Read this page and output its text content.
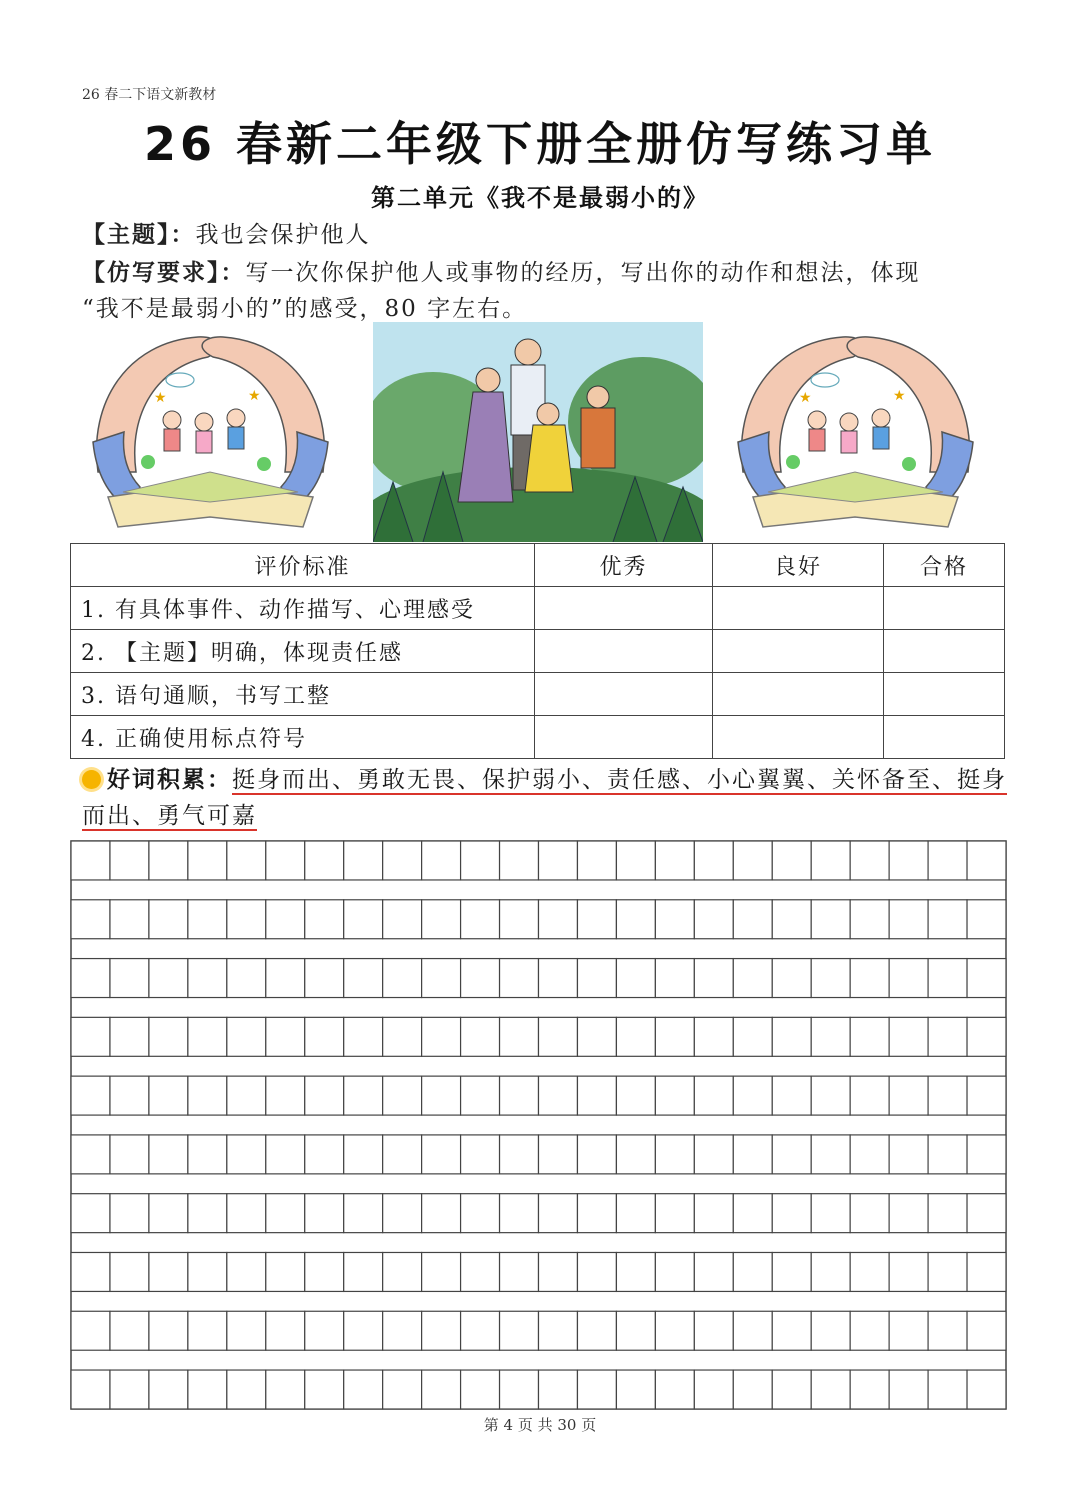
26 春二下语文新教材
26 春新二年级下册全册仿写练习单
第二单元《我不是最弱小的》
【主题】：我也会保护他人
【仿写要求】：写一次你保护他人或事物的经历，写出你的动作和想法，体现
“我不是最弱小的”的感受，80 字左右。
★	★	★	★
评价标准	优秀	良好	合格
1. 有具体事件、动作描写、心理感受			
2. 【主题】明确，体现责任感			
3. 语句通顺，书写工整			
4. 正确使用标点符号			
好词积累：挺身而出、勇敢无畏、保护弱小、责任感、小心翼翼、关怀备至、挺身而出、勇气可嘉
第 4 页 共 30 页
